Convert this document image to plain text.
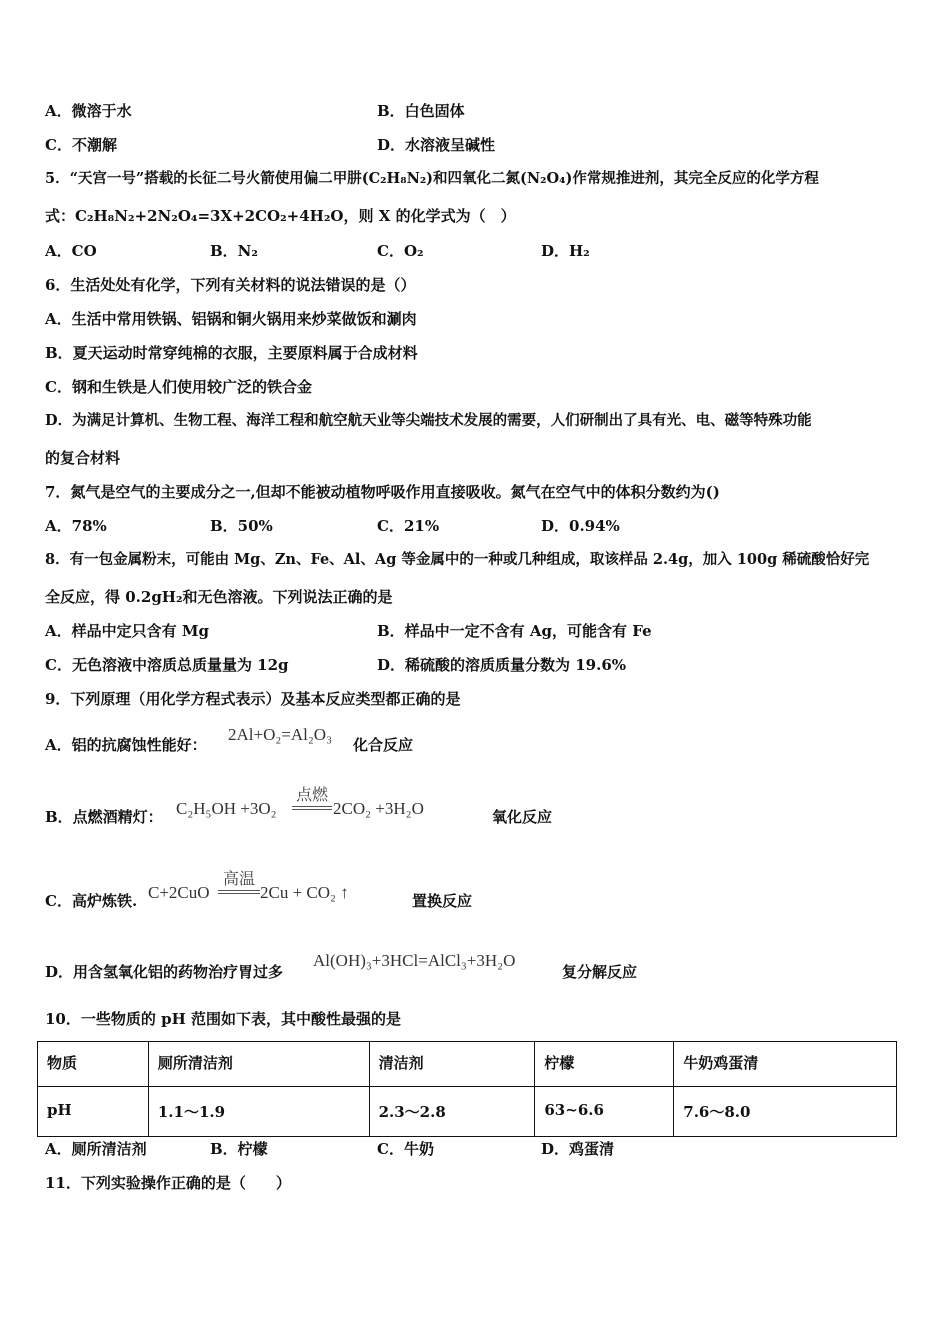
A．微溶于水	B．白色固体
C．不潮解	D．水溶液呈碱性
5．“天宫一号”搭载的长征二号火箭使用偏二甲肼(C₂H₈N₂)和四氧化二氮(N₂O₄)作常规推进剂，其完全反应的化学方程
式：C₂H₈N₂+2N₂O₄=3X+2CO₂+4H₂O，则 X 的化学式为（　）
A．CO	B．N₂	C．O₂	D．H₂
6．生活处处有化学，下列有关材料的说法错误的是（）
A．生活中常用铁锅、铝锅和铜火锅用来炒菜做饭和涮肉
B．夏天运动时常穿纯棉的衣服，主要原料属于合成材料
C．钢和生铁是人们使用较广泛的铁合金
D．为满足计算机、生物工程、海洋工程和航空航天业等尖端技术发展的需要，人们研制出了具有光、电、磁等特殊功能
的复合材料
7．氮气是空气的主要成分之一,但却不能被动植物呼吸作用直接吸收。氮气在空气中的体积分数约为()
A．78%	B．50%	C．21%	D．0.94%
8．有一包金属粉末，可能由 Mg、Zn、Fe、Al、Ag 等金属中的一种或几种组成，取该样品 2.4g，加入 100g 稀硫酸恰好完
全反应，得 0.2gH₂和无色溶液。下列说法正确的是
A．样品中定只含有 Mg	B．样品中一定不含有 Ag，可能含有 Fe
C．无色溶液中溶质总质量量为 12g	D．稀硫酸的溶质质量分数为 19.6%
9．下列原理（用化学方程式表示）及基本反应类型都正确的是
A．铝的抗腐蚀性能好：
2Al+O₂=Al₂O₃
化合反应
B．点燃酒精灯： C₂H₅OH +3O₂
点燃
2CO₂ +3H₂O	氧化反应
C．高炉炼铁. C+2CuO
高温
2Cu + CO₂ ↑	置换反应
D．用含氢氧化铝的药物治疗胃过多
Al(OH)₃+3HCl=AlCl₃+3H₂O
复分解反应
10．一些物质的 pH 范围如下表，其中酸性最强的是
物质	厕所清洁剂	清洁剂	柠檬	牛奶鸡蛋清
pH	1.1～1.9	2.3～2.8	63~6.6	7.6～8.0
A．厕所清洁剂	B．柠檬	C．牛奶	D．鸡蛋清
11．下列实验操作正确的是（　　）
